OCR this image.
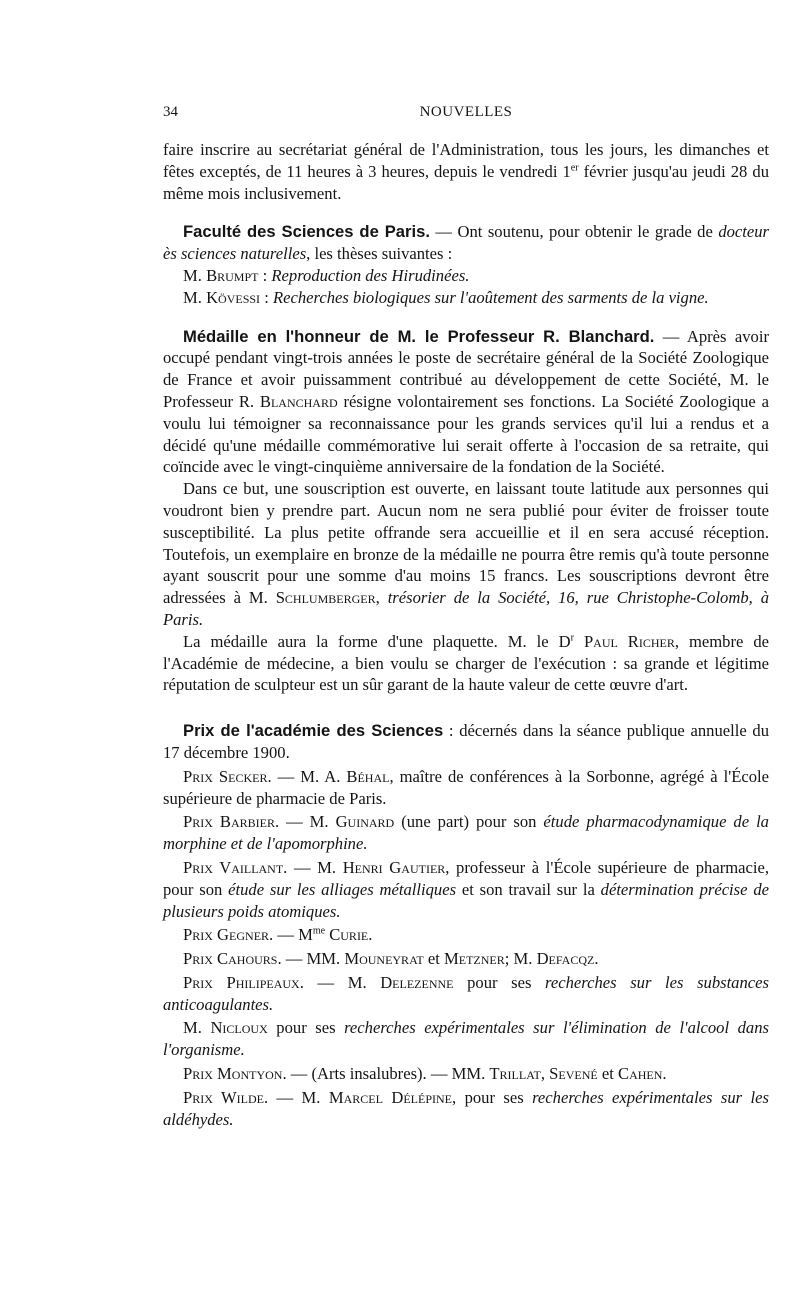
34	NOUVELLES

faire inscrire au secrétariat général de l'Administration, tous les jours, les dimanches et fêtes exceptés, de 11 heures à 3 heures, depuis le vendredi 1er février jusqu'au jeudi 28 du même mois inclusivement.

Faculté des Sciences de Paris. — Ont soutenu, pour obtenir le grade de docteur ès sciences naturelles, les thèses suivantes :

M. Brumpt : Reproduction des Hirudinées.

M. Kövessi : Recherches biologiques sur l'aoûtement des sarments de la vigne.

Médaille en l'honneur de M. le Professeur R. Blanchard. — Après avoir occupé pendant vingt-trois années le poste de secrétaire général de la Société Zoologique de France et avoir puissamment contribué au développement de cette Société, M. le Professeur R. Blanchard résigne volontairement ses fonctions. La Société Zoologique a voulu lui témoigner sa reconnaissance pour les grands services qu'il lui a rendus et a décidé qu'une médaille commémorative lui serait offerte à l'occasion de sa retraite, qui coïncide avec le vingt-cinquième anniversaire de la fondation de la Société.

Dans ce but, une souscription est ouverte, en laissant toute latitude aux personnes qui voudront bien y prendre part. Aucun nom ne sera publié pour éviter de froisser toute susceptibilité. La plus petite offrande sera accueillie et il en sera accusé réception. Toutefois, un exemplaire en bronze de la médaille ne pourra être remis qu'à toute personne ayant souscrit pour une somme d'au moins 15 francs. Les souscriptions devront être adressées à M. Schlumberger, trésorier de la Société, 16, rue Christophe-Colomb, à Paris.

La médaille aura la forme d'une plaquette. M. le $D^r$ Paul Richer, membre de l'Académie de médecine, a bien voulu se charger de l'exécution : sa grande et légitime réputation de sculpteur est un sûr garant de la haute valeur de cette œuvre d'art.

Prix de l'académie des Sciences : décernés dans la séance publique annuelle du 17 décembre 1900.

Prix Secker. — M. A. Béhal, maître de conférences à la Sorbonne, agrégé à l'École supérieure de pharmacie de Paris.

Prix Barbier. — M. Guinard (une part) pour son étude pharmacodynamique de la morphine et de l'apomorphine.

Prix Vaillant. — M. Henri Gautier, professeur à l'École supérieure de pharmacie, pour son étude sur les alliages métalliques et son travail sur la détermination précise de plusieurs poids atomiques.

Prix Gegner. — $M^{me}$ Curie.

Prix Cahours. — MM. Mouneyrat et Metzner; M. Defacqz.

Prix Philipeaux. — M. Delezenne pour ses recherches sur les substances anticoagulantes.

M. Nicloux pour ses recherches expérimentales sur l'élimination de l'alcool dans l'organisme.

Prix Montyon. — (Arts insalubres). — MM. Trillat, Sevené et Cahen.

Prix Wilde. — M. Marcel Délépine, pour ses recherches expérimentales sur les aldéhydes.
